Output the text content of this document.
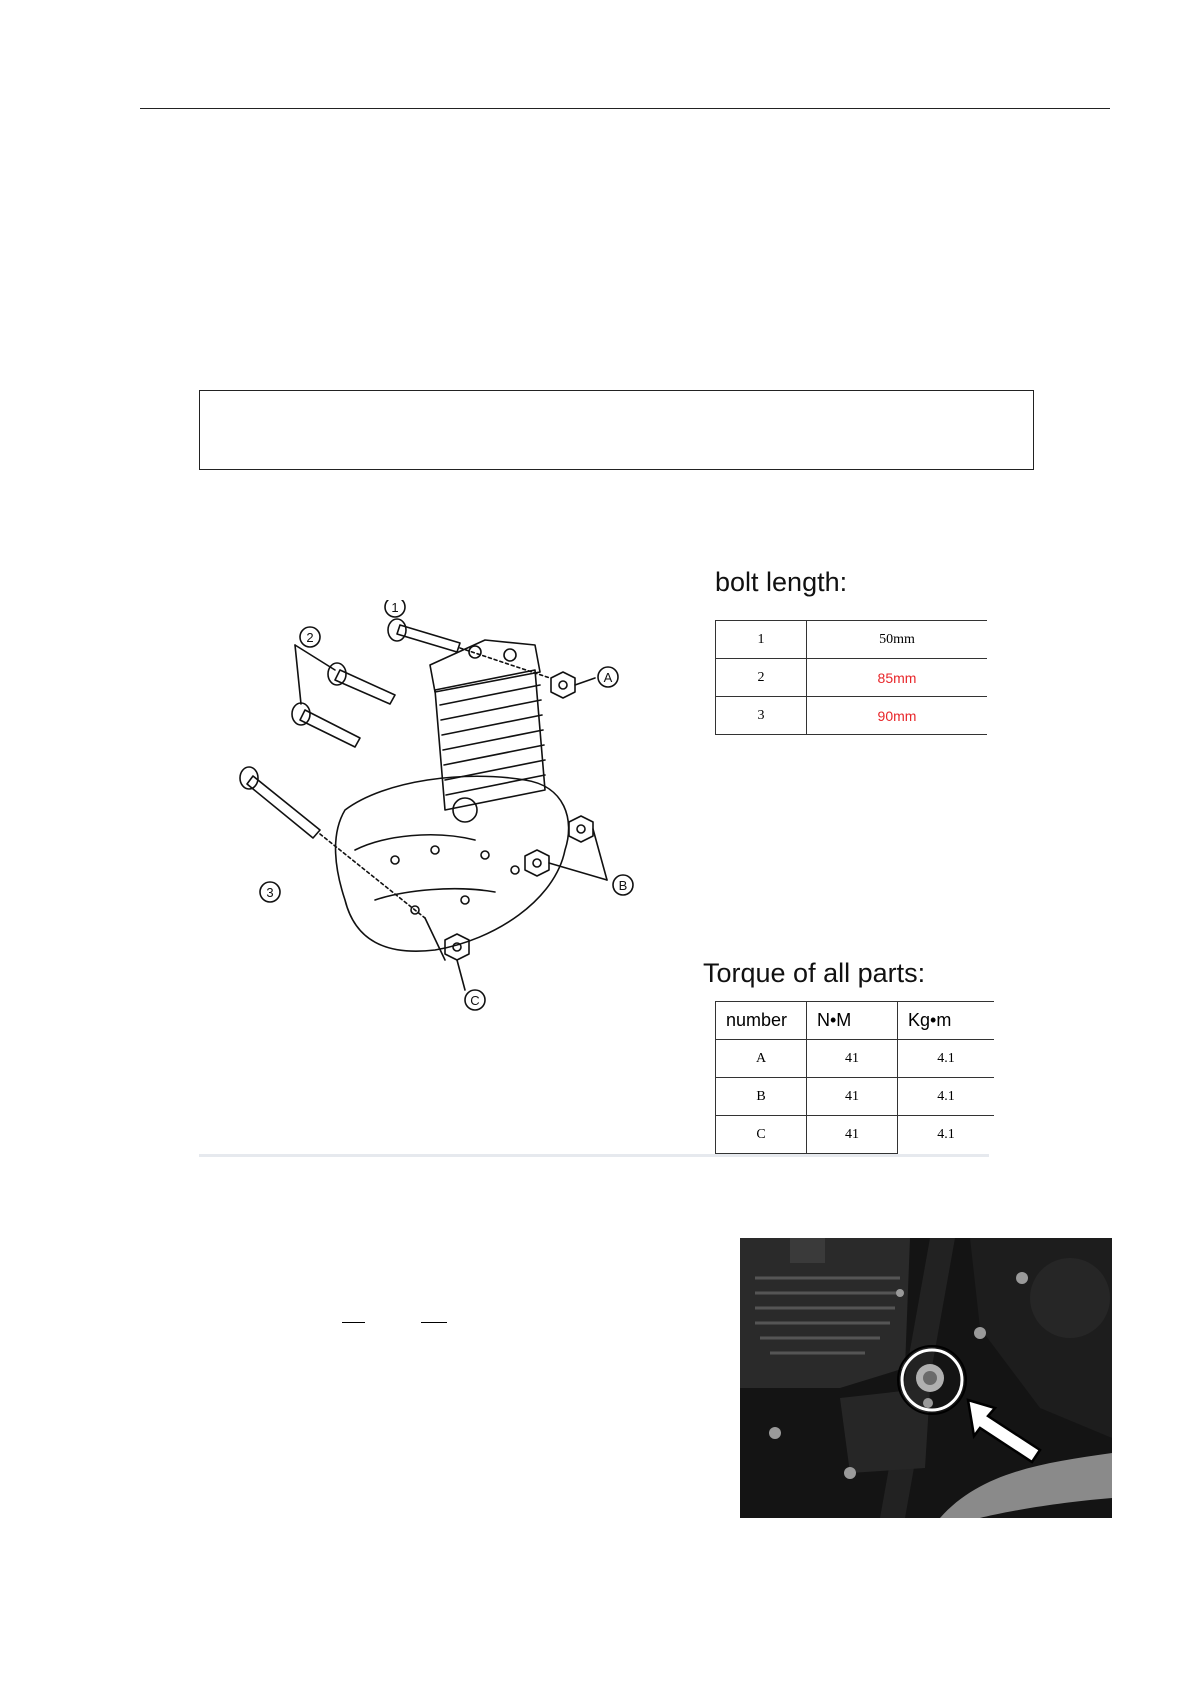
1
2
3
A
B
C
bolt length:
1	50mm
2	85mm
3	90mm
Torque of all parts:
number	N•M	Kg•m
A	41	4.1
B	41	4.1
C	41	4.1
